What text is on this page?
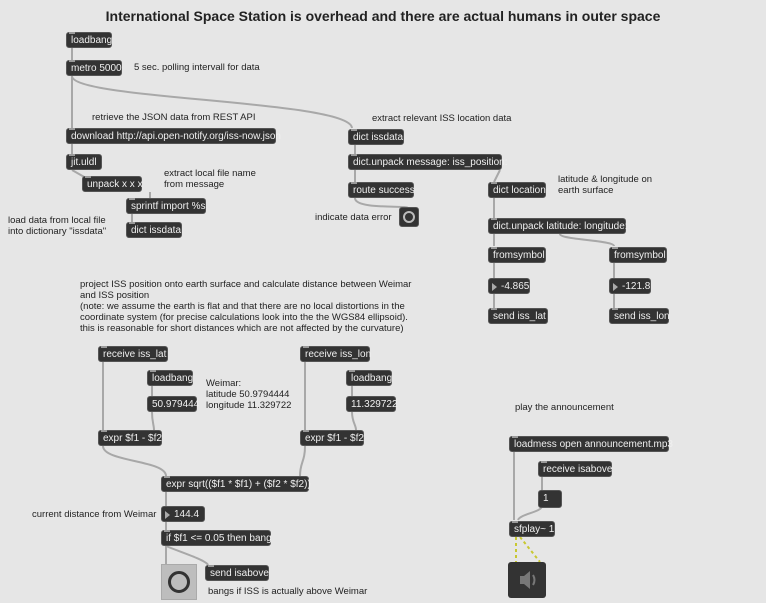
International Space Station is overhead and there are actual humans in outer space
loadbang
metro 5000 5 sec. polling intervall for data
retrieve the JSON data from REST API
download http://api.open-notify.org/iss-now.json
jit.uldl
unpack x x x
extract local file name
from message
sprintf import %s
load data from local file
into dictionary "issdata"	dict issdata
extract relevant ISS location data
dict issdata
dict.unpack message: iss_position:
route success
indicate data error
dict location
latitude & longitude on
earth surface
dict.unpack latitude: longitude:
fromsymbol	fromsymbol
-4.865	-121.8
send iss_lat	send iss_lon
project ISS position onto earth surface and calculate distance between Weimar
and ISS position
(note: we assume the earth is flat and that there are no local distortions in the
coordinate system (for precise calculations look into the the WGS84 ellipsoid).
this is reasonable for short distances which are not affected by the curvature)
receive iss_lat	receive iss_lon
loadbang	loadbang
Weimar:
latitude 50.9794444
longitude 11.329722
50.979444	11.329722
expr $f1 - $f2	expr $f1 - $f2
expr sqrt(($f1 * $f1) + ($f2 * $f2))
current distance from Weimar	144.4
if $f1 <= 0.05 then bang
send isabove
bangs if ISS is actually above Weimar
play the announcement
loadmess open announcement.mp3
receive isabove
1
sfplay~ 1
